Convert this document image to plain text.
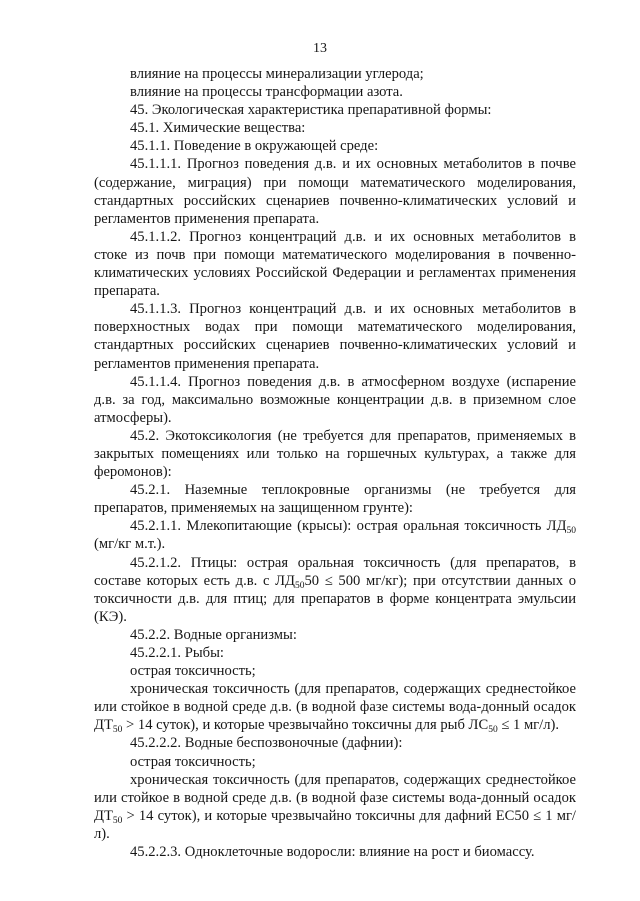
13

влияние на процессы минерализации углерода;

влияние на процессы трансформации азота.

45. Экологическая характеристика препаративной формы:

45.1. Химические вещества:

45.1.1. Поведение в окружающей среде:

45.1.1.1. Прогноз поведения д.в. и их основных метаболитов в почве (содержание, миграция) при помощи математического моделирования, стандартных российских сценариев почвенно-климатических условий и регламентов применения препарата.

45.1.1.2. Прогноз концентраций д.в. и их основных метаболитов в стоке из почв при помощи математического моделирования в почвенно-климатических условиях Российской Федерации и регламентах применения препарата.

45.1.1.3. Прогноз концентраций д.в. и их основных метаболитов в поверхностных водах при помощи математического моделирования, стандартных российских сценариев почвенно-климатических условий и регламентов применения препарата.

45.1.1.4. Прогноз поведения д.в. в атмосферном воздухе (испарение д.в. за год, максимально возможные концентрации д.в. в приземном слое атмосферы).

45.2. Экотоксикология (не требуется для препаратов, применяемых в закрытых помещениях или только на горшечных культурах, а также для феромонов):

45.2.1. Наземные теплокровные организмы (не требуется для препаратов, применяемых на защищенном грунте):

45.2.1.1. Млекопитающие (крысы): острая оральная токсичность $ЛД_{50}$ (мг/кг м.т.).

45.2.1.2. Птицы: острая оральная токсичность (для препаратов, в составе которых есть д.в. с $ЛД_{50}50 \le 500$ мг/кг); при отсутствии данных о токсичности д.в. для птиц; для препаратов в форме концентрата эмульсии (КЭ).

45.2.2. Водные организмы:

45.2.2.1. Рыбы:

острая токсичность;

хроническая токсичность (для препаратов, содержащих среднестойкое или стойкое в водной среде д.в. (в водной фазе системы вода-донный осадок $ДТ_{50} > 14$ суток), и которые чрезвычайно токсичны для рыб $ЛС_{50} \le 1$ мг/л).

45.2.2.2. Водные беспозвоночные (дафнии):

острая токсичность;

хроническая токсичность (для препаратов, содержащих среднестойкое или стойкое в водной среде д.в. (в водной фазе системы вода-донный осадок $ДТ_{50} > 14$ суток), и которые чрезвычайно токсичны для дафний ЕС50 ≤ 1 мг/л).

45.2.2.3. Одноклеточные водоросли: влияние на рост и биомассу.
